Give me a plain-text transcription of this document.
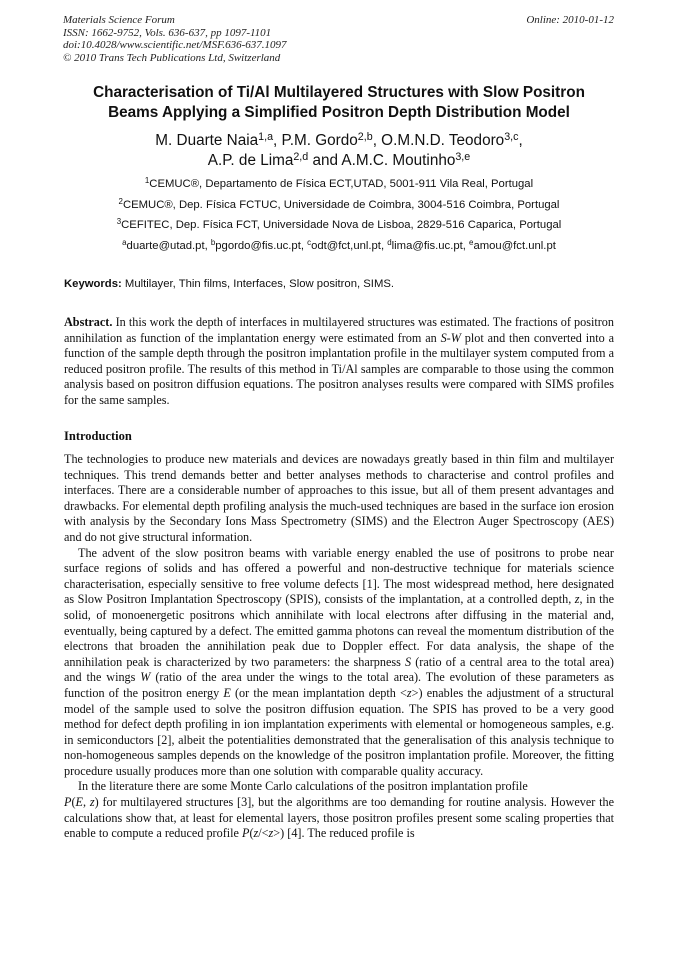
Materials Science Forum
ISSN: 1662-9752, Vols. 636-637, pp 1097-1101
doi:10.4028/www.scientific.net/MSF.636-637.1097
© 2010 Trans Tech Publications Ltd, Switzerland
Online: 2010-01-12
Characterisation of Ti/Al Multilayered Structures with Slow Positron
Beams Applying a Simplified Positron Depth Distribution Model
M. Duarte Naia$^{1,a}$, P.M. Gordo$^{2,b}$, O.M.N.D. Teodoro$^{3,c}$,
A.P. de Lima$^{2,d}$ and A.M.C. Moutinho$^{3,e}$
$^1$CEMUC®, Departamento de Física ECT,UTAD, 5001-911 Vila Real, Portugal
$^2$CEMUC®, Dep. Física FCTUC, Universidade de Coimbra, 3004-516 Coimbra, Portugal
$^3$CEFITEC, Dep. Física FCT, Universidade Nova de Lisboa, 2829-516 Caparica, Portugal
$^a$duarte@utad.pt, $^b$pgordo@fis.uc.pt, $^c$odt@fct,unl.pt, $^d$lima@fis.uc.pt, $^e$amou@fct.unl.pt
Keywords: Multilayer, Thin films, Interfaces, Slow positron, SIMS.
Abstract. In this work the depth of interfaces in multilayered structures was estimated. The fractions of positron annihilation as function of the implantation energy were estimated from an S-W plot and then converted into a function of the sample depth through the positron implantation profile in the multilayer system computed from a reduced positron profile. The results of this method in Ti/Al samples are comparable to those using the common analysis based on positron diffusion equations. The positron analyses results were compared with SIMS profiles for the same samples.
Introduction

The technologies to produce new materials and devices are nowadays greatly based in thin film and multilayer techniques. This trend demands better and better analyses methods to characterise and control profiles and interfaces. There are a considerable number of approaches to this issue, but all of them present advantages and drawbacks. For elemental depth profiling analysis the much-used techniques are based in the surface ion erosion with analysis by the Secondary Ions Mass Spectrometry (SIMS) and the Electron Auger Spectroscopy (AES) and do not give structural information.

The advent of the slow positron beams with variable energy enabled the use of positrons to probe near surface regions of solids and has offered a powerful and non-destructive technique for materials science characterisation, especially sensitive to free volume defects [1]. The most widespread method, here designated as Slow Positron Implantation Spectroscopy (SPIS), consists of the implantation, at a controlled depth, z, in the solid, of monoenergetic positrons which annihilate with local electrons after diffusing in the material and, eventually, being captured by a defect. The emitted gamma photons can reveal the momentum distribution of the electrons that broaden the annihilation peak due to Doppler effect. For data analysis, the shape of the annihilation peak is characterized by two parameters: the sharpness S (ratio of a central area to the total area) and the wings W (ratio of the area under the wings to the total area). The evolution of these parameters as function of the positron energy E (or the mean implantation depth <z>) enables the adjustment of a structural model of the sample used to solve the positron diffusion equation. The SPIS has proved to be a very good method for defect depth profiling in ion implantation experiments with elemental or homogeneous samples, e.g. in semiconductors [2], albeit the potentialities demonstrated that the generalisation of this analysis technique to non-homogeneous samples depends on the knowledge of the positron implantation profile. Moreover, the fitting procedure usually produces more than one solution with comparable quality accuracy.

In the literature there are some Monte Carlo calculations of the positron implantation profile

P(E, z) for multilayered structures [3], but the algorithms are too demanding for routine analysis. However the calculations show that, at least for elemental layers, those positron profiles present some scaling properties that enable to compute a reduced profile P(z/<z>) [4]. The reduced profile is
